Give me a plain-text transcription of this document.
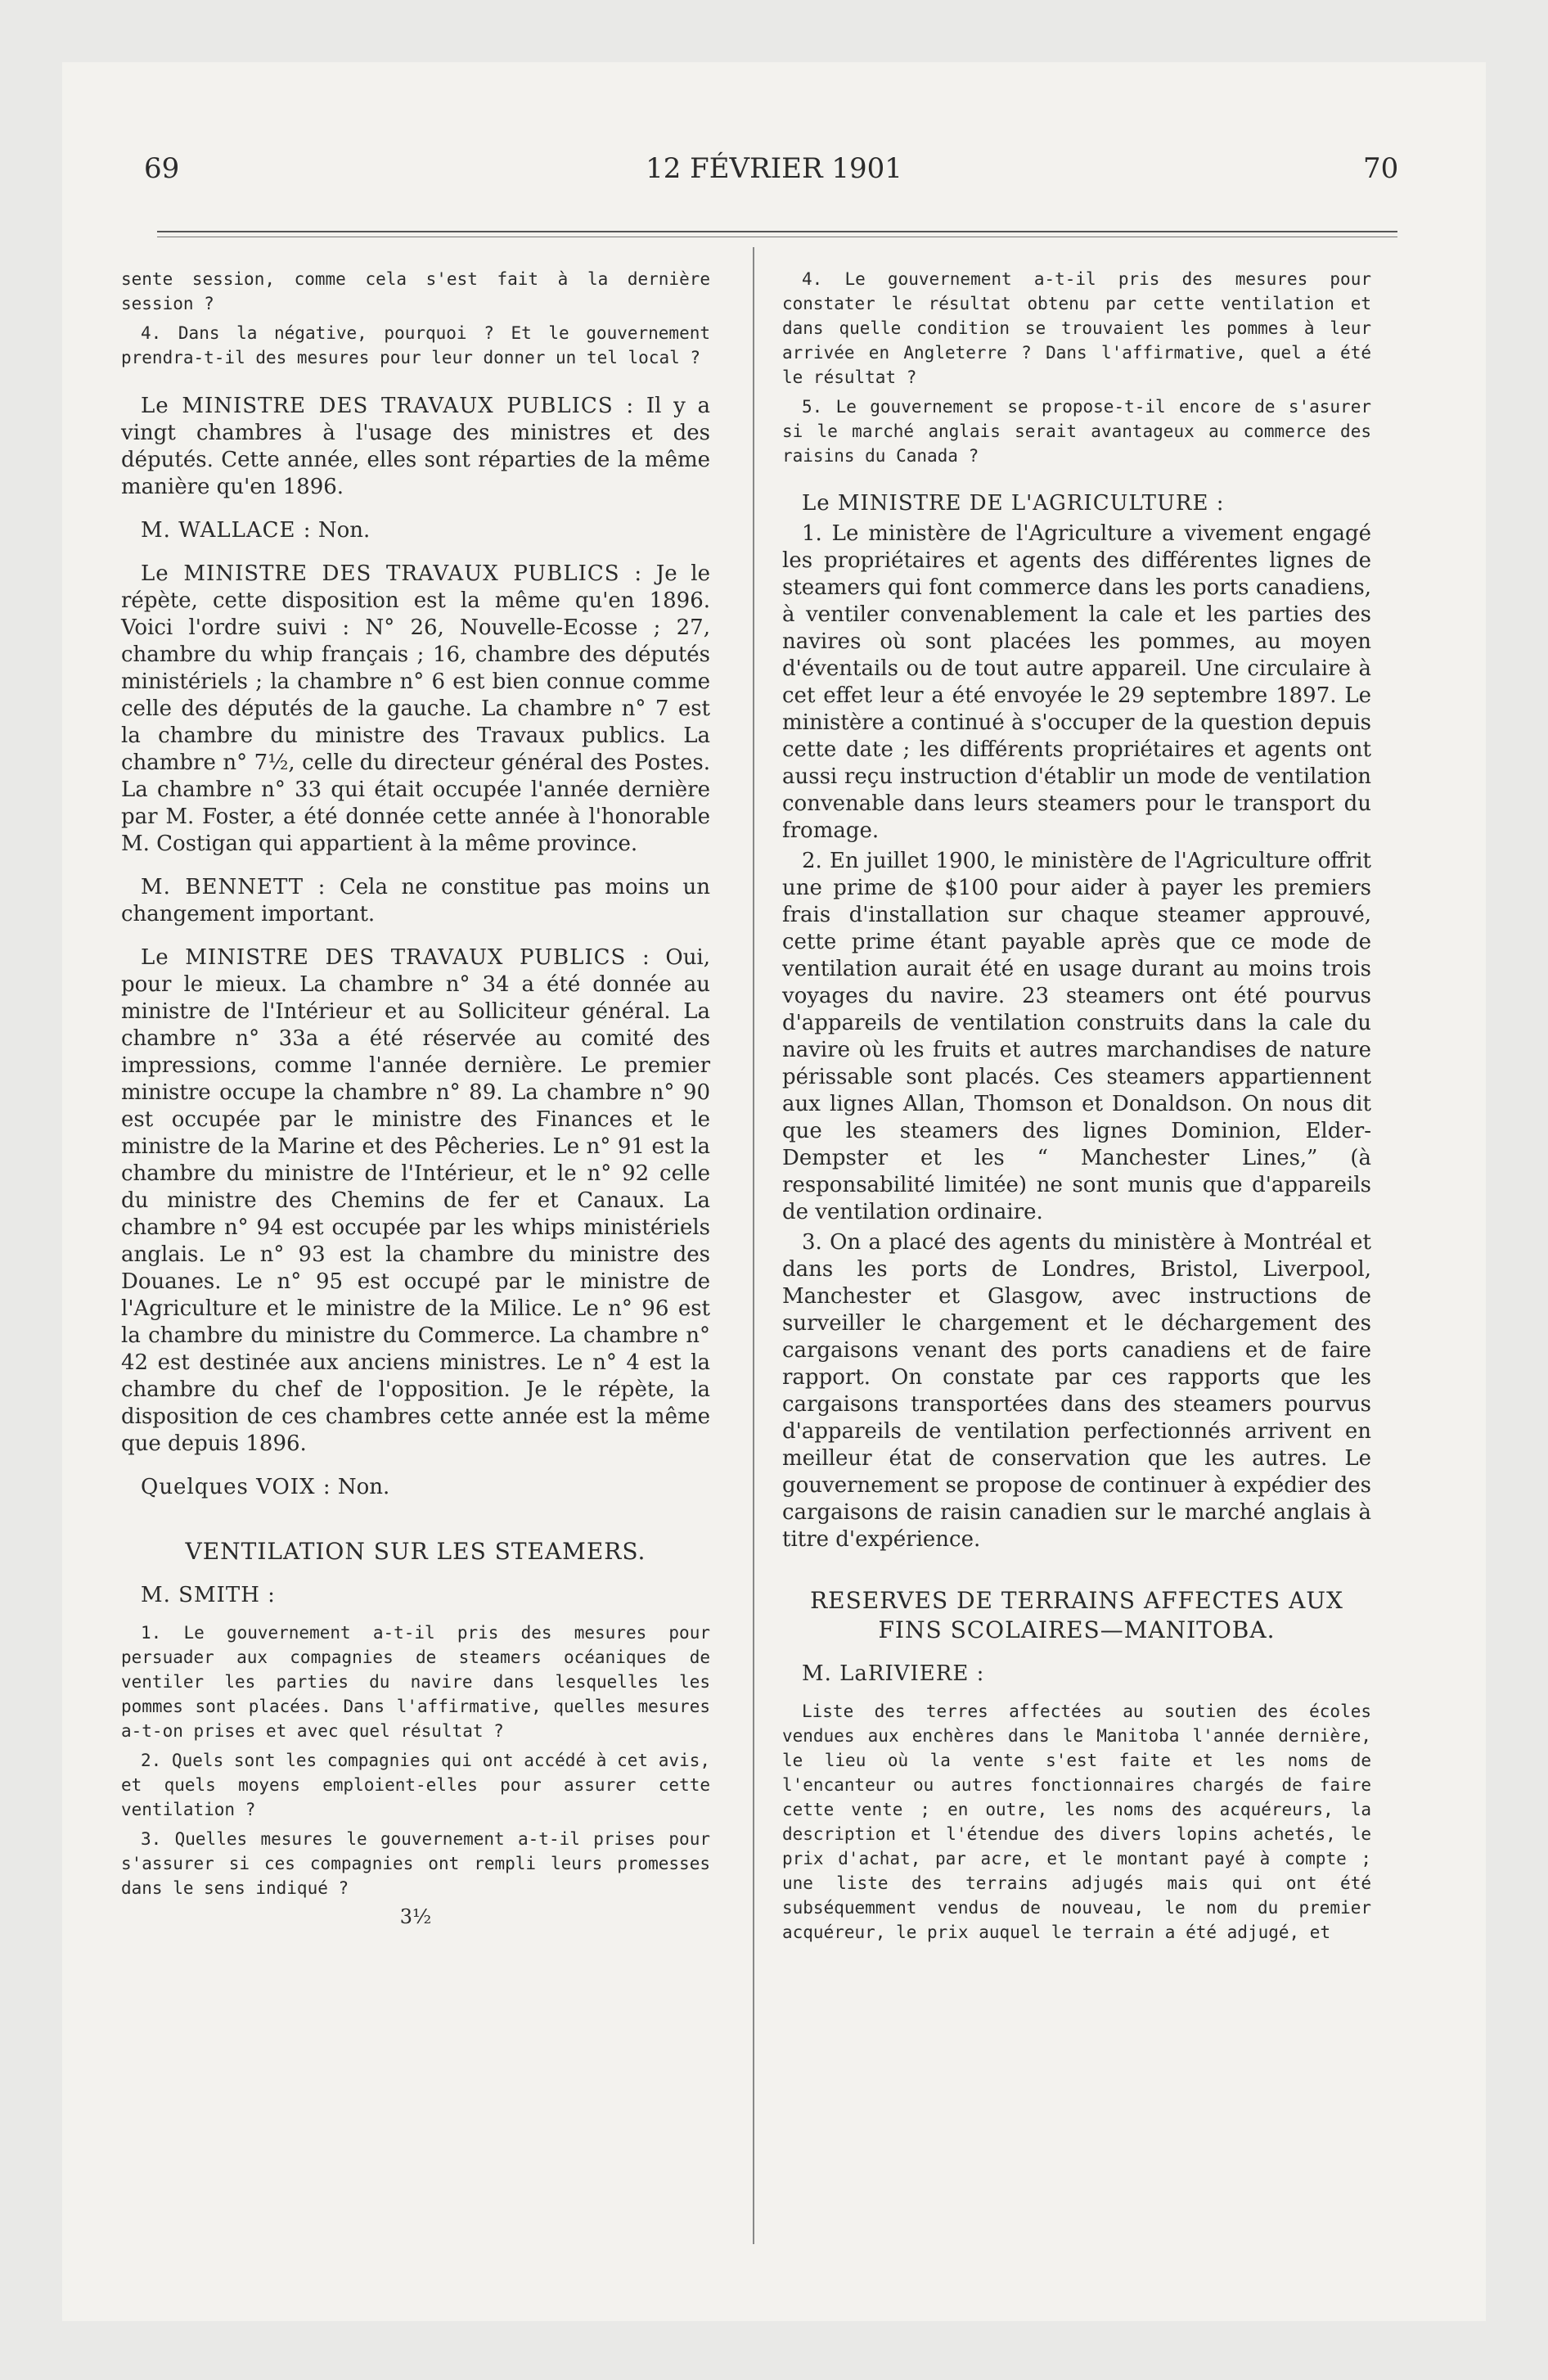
69	12 FÉVRIER 1901	70

sente session, comme cela s'est fait à la dernière session ?

4. Dans la négative, pourquoi ? Et le gouvernement prendra-t-il des mesures pour leur donner un tel local ?

Le MINISTRE DES TRAVAUX PUBLICS : Il y a vingt chambres à l'usage des ministres et des députés. Cette année, elles sont réparties de la même manière qu'en 1896.

M. WALLACE : Non.

Le MINISTRE DES TRAVAUX PUBLICS : Je le répète, cette disposition est la même qu'en 1896. Voici l'ordre suivi : N° 26, Nouvelle-Ecosse ; 27, chambre du whip français ; 16, chambre des députés ministériels ; la chambre n° 6 est bien connue comme celle des députés de la gauche. La chambre n° 7 est la chambre du ministre des Travaux publics. La chambre n° 7½, celle du directeur général des Postes. La chambre n° 33 qui était occupée l'année dernière par M. Foster, a été donnée cette année à l'honorable M. Costigan qui appartient à la même province.

M. BENNETT : Cela ne constitue pas moins un changement important.

Le MINISTRE DES TRAVAUX PUBLICS : Oui, pour le mieux. La chambre n° 34 a été donnée au ministre de l'Intérieur et au Solliciteur général. La chambre n° 33a a été réservée au comité des impressions, comme l'année dernière. Le premier ministre occupe la chambre n° 89. La chambre n° 90 est occupée par le ministre des Finances et le ministre de la Marine et des Pêcheries. Le n° 91 est la chambre du ministre de l'Intérieur, et le n° 92 celle du ministre des Chemins de fer et Canaux. La chambre n° 94 est occupée par les whips ministériels anglais. Le n° 93 est la chambre du ministre des Douanes. Le n° 95 est occupé par le ministre de l'Agriculture et le ministre de la Milice. Le n° 96 est la chambre du ministre du Commerce. La chambre n° 42 est destinée aux anciens ministres. Le n° 4 est la chambre du chef de l'opposition. Je le répète, la disposition de ces chambres cette année est la même que depuis 1896.

Quelques VOIX : Non.

VENTILATION SUR LES STEAMERS.
M. SMITH :

1. Le gouvernement a-t-il pris des mesures pour persuader aux compagnies de steamers océaniques de ventiler les parties du navire dans lesquelles les pommes sont placées. Dans l'affirmative, quelles mesures a-t-on prises et avec quel résultat ?

2. Quels sont les compagnies qui ont accédé à cet avis, et quels moyens emploient-elles pour assurer cette ventilation ?

3. Quelles mesures le gouvernement a-t-il prises pour s'assurer si ces compagnies ont rempli leurs promesses dans le sens indiqué ?

3½

4. Le gouvernement a-t-il pris des mesures pour constater le résultat obtenu par cette ventilation et dans quelle condition se trouvaient les pommes à leur arrivée en Angleterre ? Dans l'affirmative, quel a été le résultat ?

5. Le gouvernement se propose-t-il encore de s'asurer si le marché anglais serait avantageux au commerce des raisins du Canada ?

Le MINISTRE DE L'AGRICULTURE :

1. Le ministère de l'Agriculture a vivement engagé les propriétaires et agents des différentes lignes de steamers qui font commerce dans les ports canadiens, à ventiler convenablement la cale et les parties des navires où sont placées les pommes, au moyen d'éventails ou de tout autre appareil. Une circulaire à cet effet leur a été envoyée le 29 septembre 1897. Le ministère a continué à s'occuper de la question depuis cette date ; les différents propriétaires et agents ont aussi reçu instruction d'établir un mode de ventilation convenable dans leurs steamers pour le transport du fromage.

2. En juillet 1900, le ministère de l'Agriculture offrit une prime de $100 pour aider à payer les premiers frais d'installation sur chaque steamer approuvé, cette prime étant payable après que ce mode de ventilation aurait été en usage durant au moins trois voyages du navire. 23 steamers ont été pourvus d'appareils de ventilation construits dans la cale du navire où les fruits et autres marchandises de nature périssable sont placés. Ces steamers appartiennent aux lignes Allan, Thomson et Donaldson. On nous dit que les steamers des lignes Dominion, Elder-Dempster et les “ Manchester Lines,” (à responsabilité limitée) ne sont munis que d'appareils de ventilation ordinaire.

3. On a placé des agents du ministère à Montréal et dans les ports de Londres, Bristol, Liverpool, Manchester et Glasgow, avec instructions de surveiller le chargement et le déchargement des cargaisons venant des ports canadiens et de faire rapport. On constate par ces rapports que les cargaisons transportées dans des steamers pourvus d'appareils de ventilation perfectionnés arrivent en meilleur état de conservation que les autres. Le gouvernement se propose de continuer à expédier des cargaisons de raisin canadien sur le marché anglais à titre d'expérience.

RESERVES DE TERRAINS AFFECTES AUX FINS SCOLAIRES—MANITOBA.
M. LaRIVIERE :

Liste des terres affectées au soutien des écoles vendues aux enchères dans le Manitoba l'année dernière, le lieu où la vente s'est faite et les noms de l'encanteur ou autres fonctionnaires chargés de faire cette vente ; en outre, les noms des acquéreurs, la description et l'étendue des divers lopins achetés, le prix d'achat, par acre, et le montant payé à compte ; une liste des terrains adjugés mais qui ont été subséquemment vendus de nouveau, le nom du premier acquéreur, le prix auquel le terrain a été adjugé, et
